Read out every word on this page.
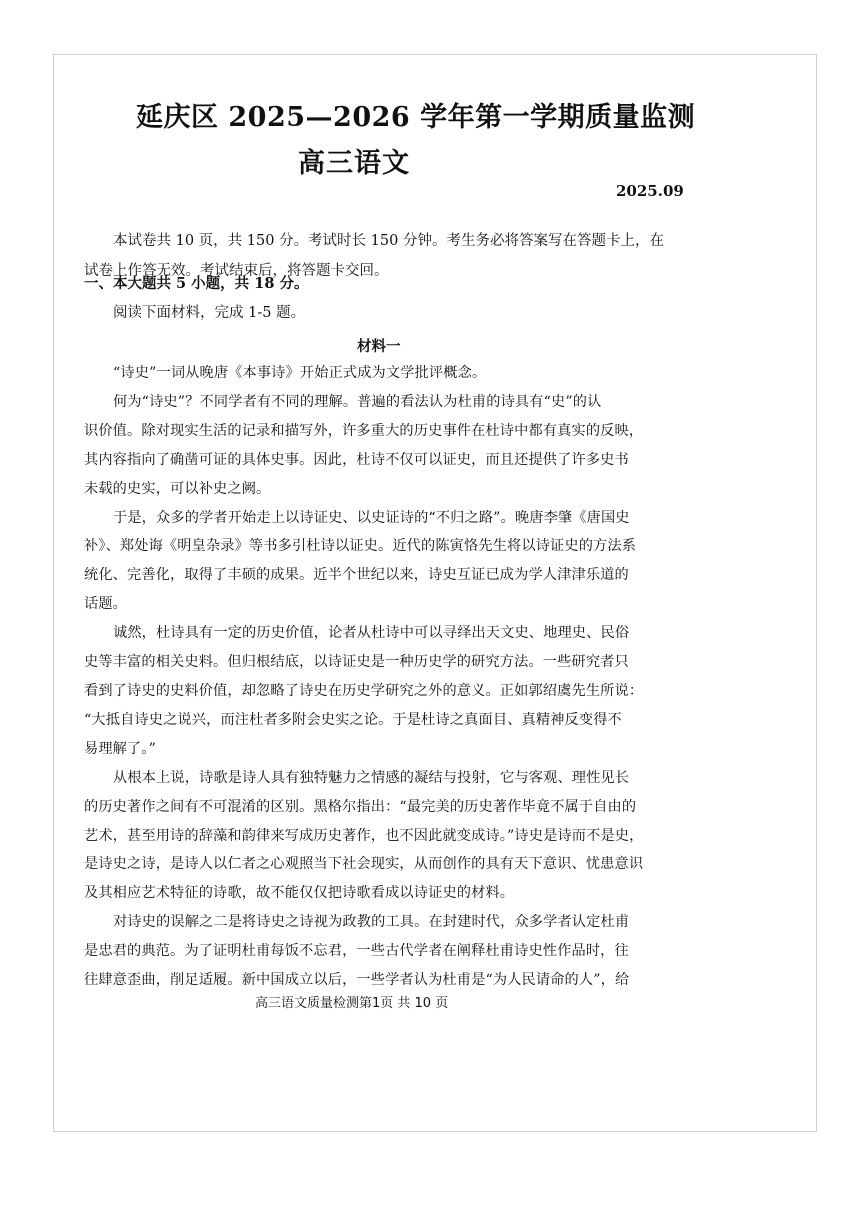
延庆区 2025—2026 学年第一学期质量监测
高三语文
2025.09

本试卷共 10 页，共 150 分。考试时长 150 分钟。考生务必将答案写在答题卡上，在

试卷上作答无效。考试结束后，将答题卡交回。

一、本大题共 5 小题，共 18 分。
阅读下面材料，完成 1-5 题。
材料一
“诗史”一词从晚唐《本事诗》开始正式成为文学批评概念。
何为“诗史”？不同学者有不同的理解。普遍的看法认为杜甫的诗具有“史”的认
识价值。除对现实生活的记录和描写外，许多重大的历史事件在杜诗中都有真实的反映，
其内容指向了确凿可证的具体史事。因此，杜诗不仅可以证史，而且还提供了许多史书
未载的史实，可以补史之阙。
于是，众多的学者开始走上以诗证史、以史证诗的“不归之路”。晚唐李肇《唐国史
补》、郑处诲《明皇杂录》等书多引杜诗以证史。近代的陈寅恪先生将以诗证史的方法系
统化、完善化，取得了丰硕的成果。近半个世纪以来，诗史互证已成为学人津津乐道的
话题。
诚然，杜诗具有一定的历史价值，论者从杜诗中可以寻绎出天文史、地理史、民俗
史等丰富的相关史料。但归根结底，以诗证史是一种历史学的研究方法。一些研究者只
看到了诗史的史料价值，却忽略了诗史在历史学研究之外的意义。正如郭绍虞先生所说：
“大抵自诗史之说兴，而注杜者多附会史实之论。于是杜诗之真面目、真精神反变得不
易理解了。”
从根本上说，诗歌是诗人具有独特魅力之情感的凝结与投射，它与客观、理性见长
的历史著作之间有不可混淆的区别。黑格尔指出：“最完美的历史著作毕竟不属于自由的
艺术，甚至用诗的辞藻和韵律来写成历史著作，也不因此就变成诗。”诗史是诗而不是史，
是诗史之诗，是诗人以仁者之心观照当下社会现实，从而创作的具有天下意识、忧患意识
及其相应艺术特征的诗歌，故不能仅仅把诗歌看成以诗证史的材料。
对诗史的误解之二是将诗史之诗视为政教的工具。在封建时代，众多学者认定杜甫
是忠君的典范。为了证明杜甫每饭不忘君，一些古代学者在阐释杜甫诗史性作品时，往
往肆意歪曲，削足适履。新中国成立以后，一些学者认为杜甫是“为人民请命的人”，给
高三语文质量检测第1页 共 10 页
